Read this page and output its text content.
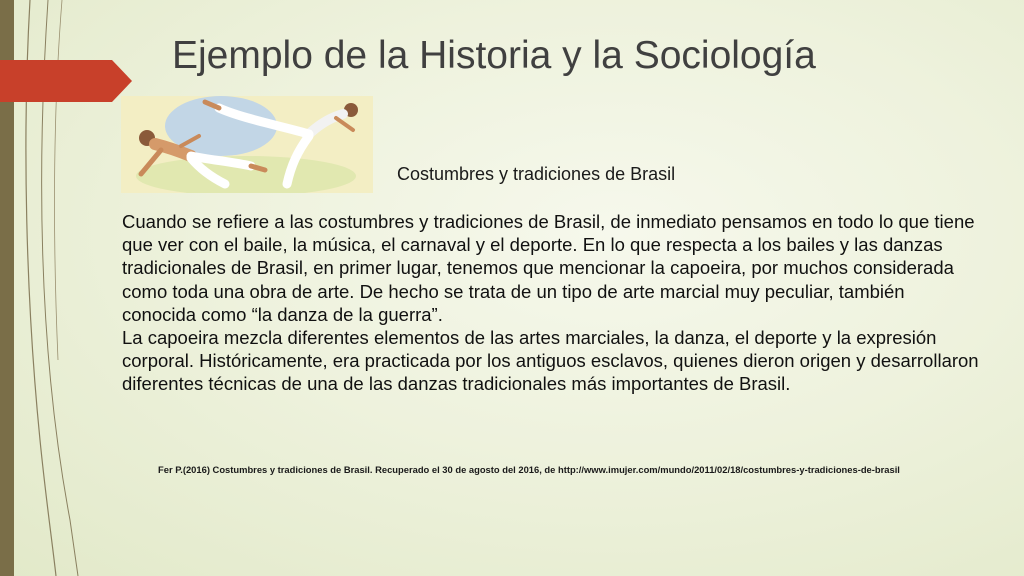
Ejemplo de la Historia y la Sociología
Costumbres y tradiciones de Brasil

Cuando se refiere a las costumbres y tradiciones de Brasil, de inmediato pensamos en todo lo que tiene que ver con el baile, la música, el carnaval y el deporte. En lo que respecta a los bailes y las danzas tradicionales de Brasil, en primer lugar, tenemos que mencionar la capoeira, por muchos considerada como toda una obra de arte. De hecho se trata de un tipo de arte marcial muy peculiar, también conocida como “la danza de la guerra”.

La capoeira mezcla diferentes elementos de las artes marciales, la danza, el deporte y la expresión corporal. Históricamente, era practicada por los antiguos esclavos, quienes dieron origen y desarrollaron diferentes técnicas de una de las danzas tradicionales más importantes de Brasil.

Fer P.(2016) Costumbres y tradiciones de Brasil. Recuperado el 30 de agosto del 2016, de http://www.imujer.com/mundo/2011/02/18/costumbres-y-tradiciones-de-brasil
